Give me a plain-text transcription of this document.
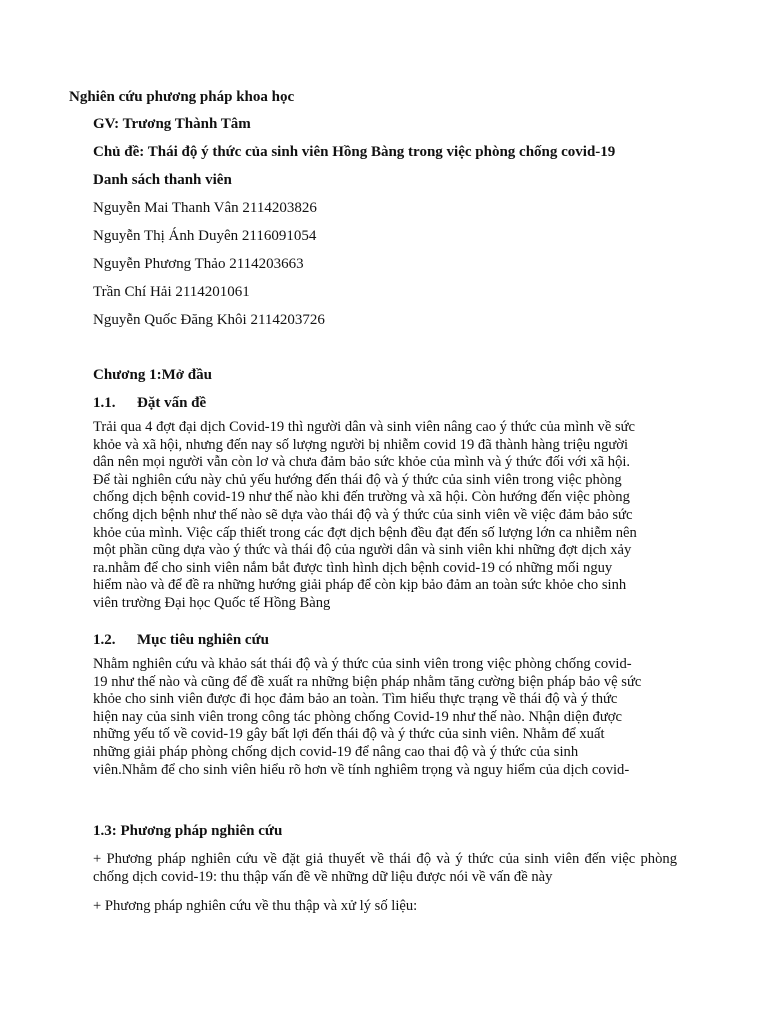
Nghiên cứu phương pháp khoa học
GV: Trương Thành Tâm
Chủ đề: Thái độ ý thức của sinh viên Hồng Bàng trong việc phòng chống covid-19
Danh sách thanh viên
Nguyễn Mai Thanh Vân 2114203826
Nguyễn Thị Ánh Duyên 2116091054
Nguyễn Phương Thảo 2114203663
Trần Chí Hải 2114201061
Nguyễn Quốc Đăng Khôi 2114203726
Chương 1:Mở đầu
1.1. Đặt vấn đề

Trải qua 4 đợt đại dịch Covid-19 thì người dân và sinh viên nâng cao ý thức của mình về sức

khỏe và xã hội, nhưng đến nay số lượng người bị nhiễm covid 19 đã thành hàng triệu người

dân nên mọi người vẫn còn lơ và chưa đảm bảo sức khỏe của mình và ý thức đối với xã hội.

Để tài nghiên cứu này chủ yếu hướng đến thái độ và ý thức của sinh viên trong việc phòng

chống dịch bệnh covid-19 như thế nào khi đến trường và xã hội. Còn hướng đến việc phòng

chống dịch bệnh như thế nào sẽ dựa vào thái độ và ý thức của sinh viên về việc đảm bảo sức

khỏe của mình. Việc cấp thiết trong các đợt dịch bệnh đều đạt đến số lượng lớn ca nhiễm nên

một phần cũng dựa vào ý thức và thái độ của người dân và sinh viên khi những đợt dịch xảy

ra.nhằm để cho sinh viên nắm bắt được tình hình dịch bệnh covid-19 có những mối nguy

hiểm nào và để đề ra những hướng giải pháp để còn kịp bảo đảm an toàn sức khỏe cho sinh

viên trường Đại học Quốc tế Hồng Bàng

1.2. Mục tiêu nghiên cứu

Nhằm nghiên cứu và khảo sát thái độ và ý thức của sinh viên trong việc phòng chống covid-

19 như thế nào và cũng để đề xuất ra những biện pháp nhằm tăng cường biện pháp bảo vệ sức

khỏe cho sinh viên được đi học đảm bảo an toàn. Tìm hiểu thực trạng về thái độ và ý thức

hiện nay của sinh viên trong công tác phòng chống Covid-19 như thế nào. Nhận diện được

những yếu tố về covid-19 gây bất lợi đến thái độ và ý thức của sinh viên. Nhằm để xuất

những giải pháp phòng chống dịch covid-19 để nâng cao thai độ và ý thức của sinh

viên.Nhằm để cho sinh viên hiểu rõ hơn về tính nghiêm trọng và nguy hiểm của dịch covid-

1.3: Phương pháp nghiên cứu
+ Phương pháp nghiên cứu về đặt giả thuyết về thái độ và ý thức của sinh viên đến việc phòng chống dịch covid-19: thu thập vấn đề về những dữ liệu được nói về vấn đề này
+ Phương pháp nghiên cứu về thu thập và xử lý số liệu:
